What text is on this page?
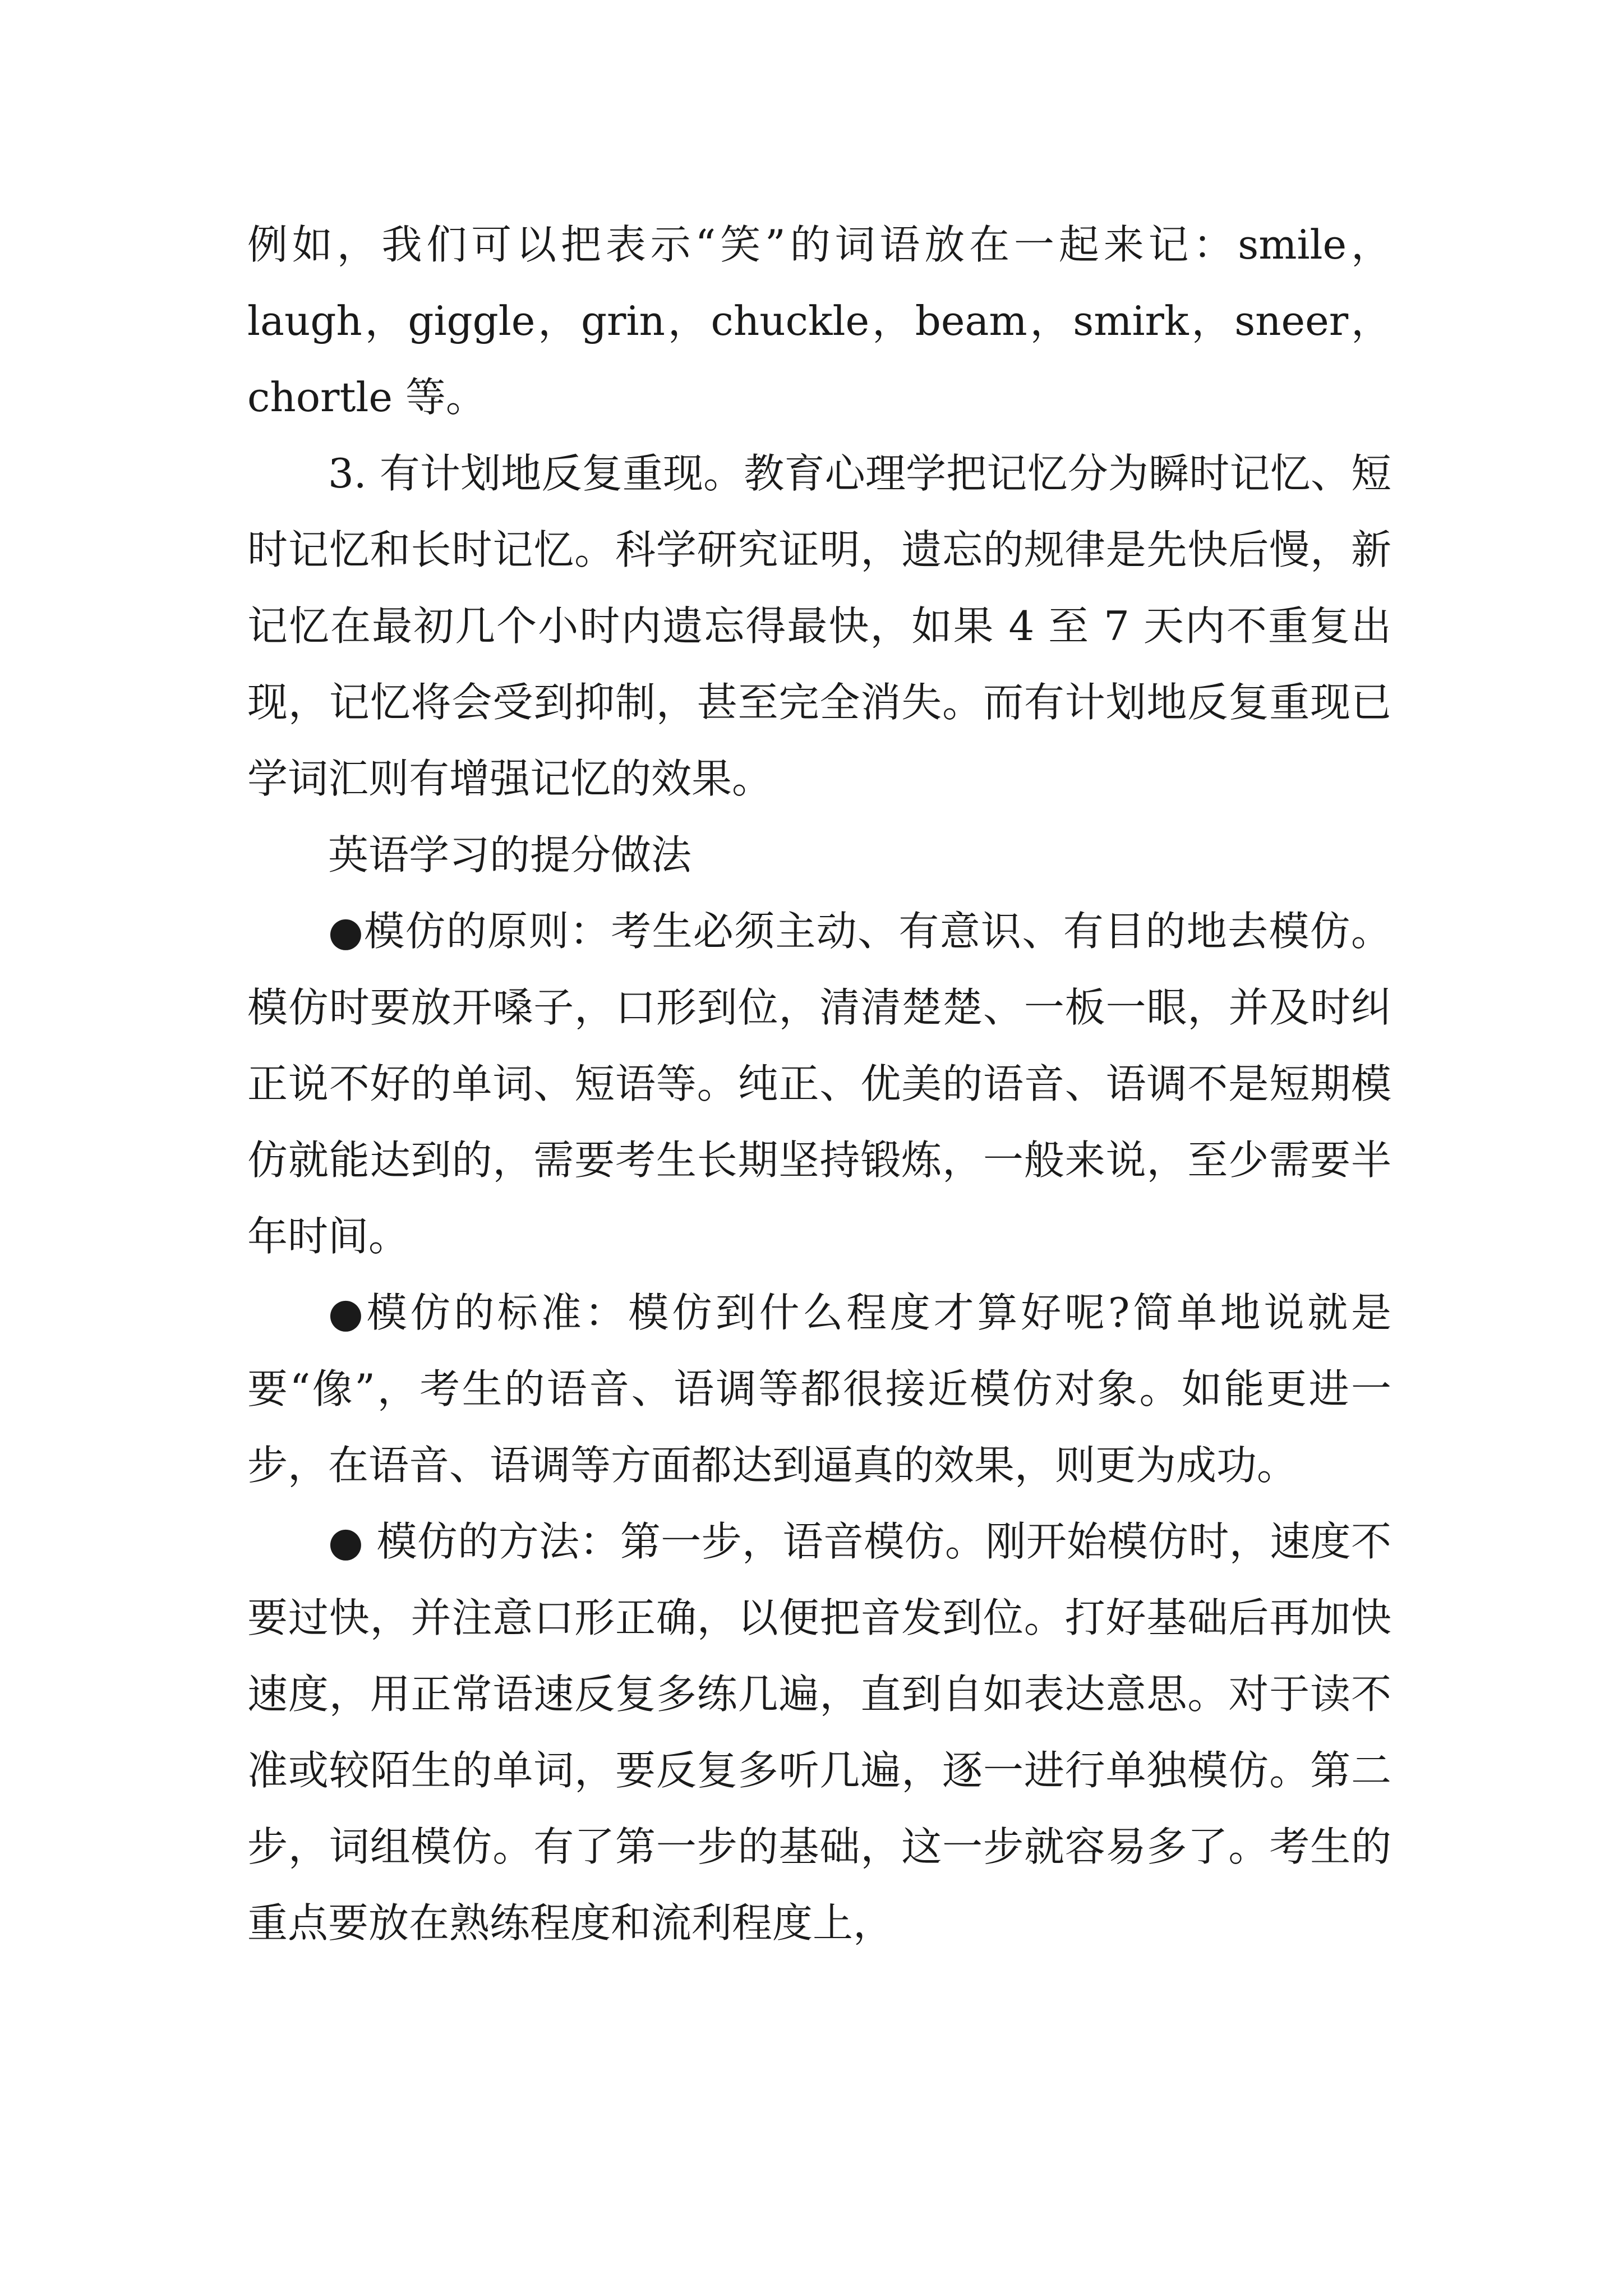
例如，我们可以把表示“笑”的词语放在一起来记：smile，laugh，giggle，grin，chuckle，beam，smirk，sneer，chortle 等。

3. 有计划地反复重现。教育心理学把记忆分为瞬时记忆、短时记忆和长时记忆。科学研究证明，遗忘的规律是先快后慢，新记忆在最初几个小时内遗忘得最快，如果 4 至 7 天内不重复出现，记忆将会受到抑制，甚至完全消失。而有计划地反复重现已学词汇则有增强记忆的效果。

英语学习的提分做法

●模仿的原则：考生必须主动、有意识、有目的地去模仿。模仿时要放开嗓子，口形到位，清清楚楚、一板一眼，并及时纠正说不好的单词、短语等。纯正、优美的语音、语调不是短期模仿就能达到的，需要考生长期坚持锻炼，一般来说，至少需要半年时间。

●模仿的标准：模仿到什么程度才算好呢?简单地说就是要“像”，考生的语音、语调等都很接近模仿对象。如能更进一步，在语音、语调等方面都达到逼真的效果，则更为成功。

● 模仿的方法：第一步，语音模仿。刚开始模仿时，速度不要过快，并注意口形正确，以便把音发到位。打好基础后再加快速度，用正常语速反复多练几遍，直到自如表达意思。对于读不准或较陌生的单词，要反复多听几遍，逐一进行单独模仿。第二步，词组模仿。有了第一步的基础，这一步就容易多了。考生的重点要放在熟练程度和流利程度上，
